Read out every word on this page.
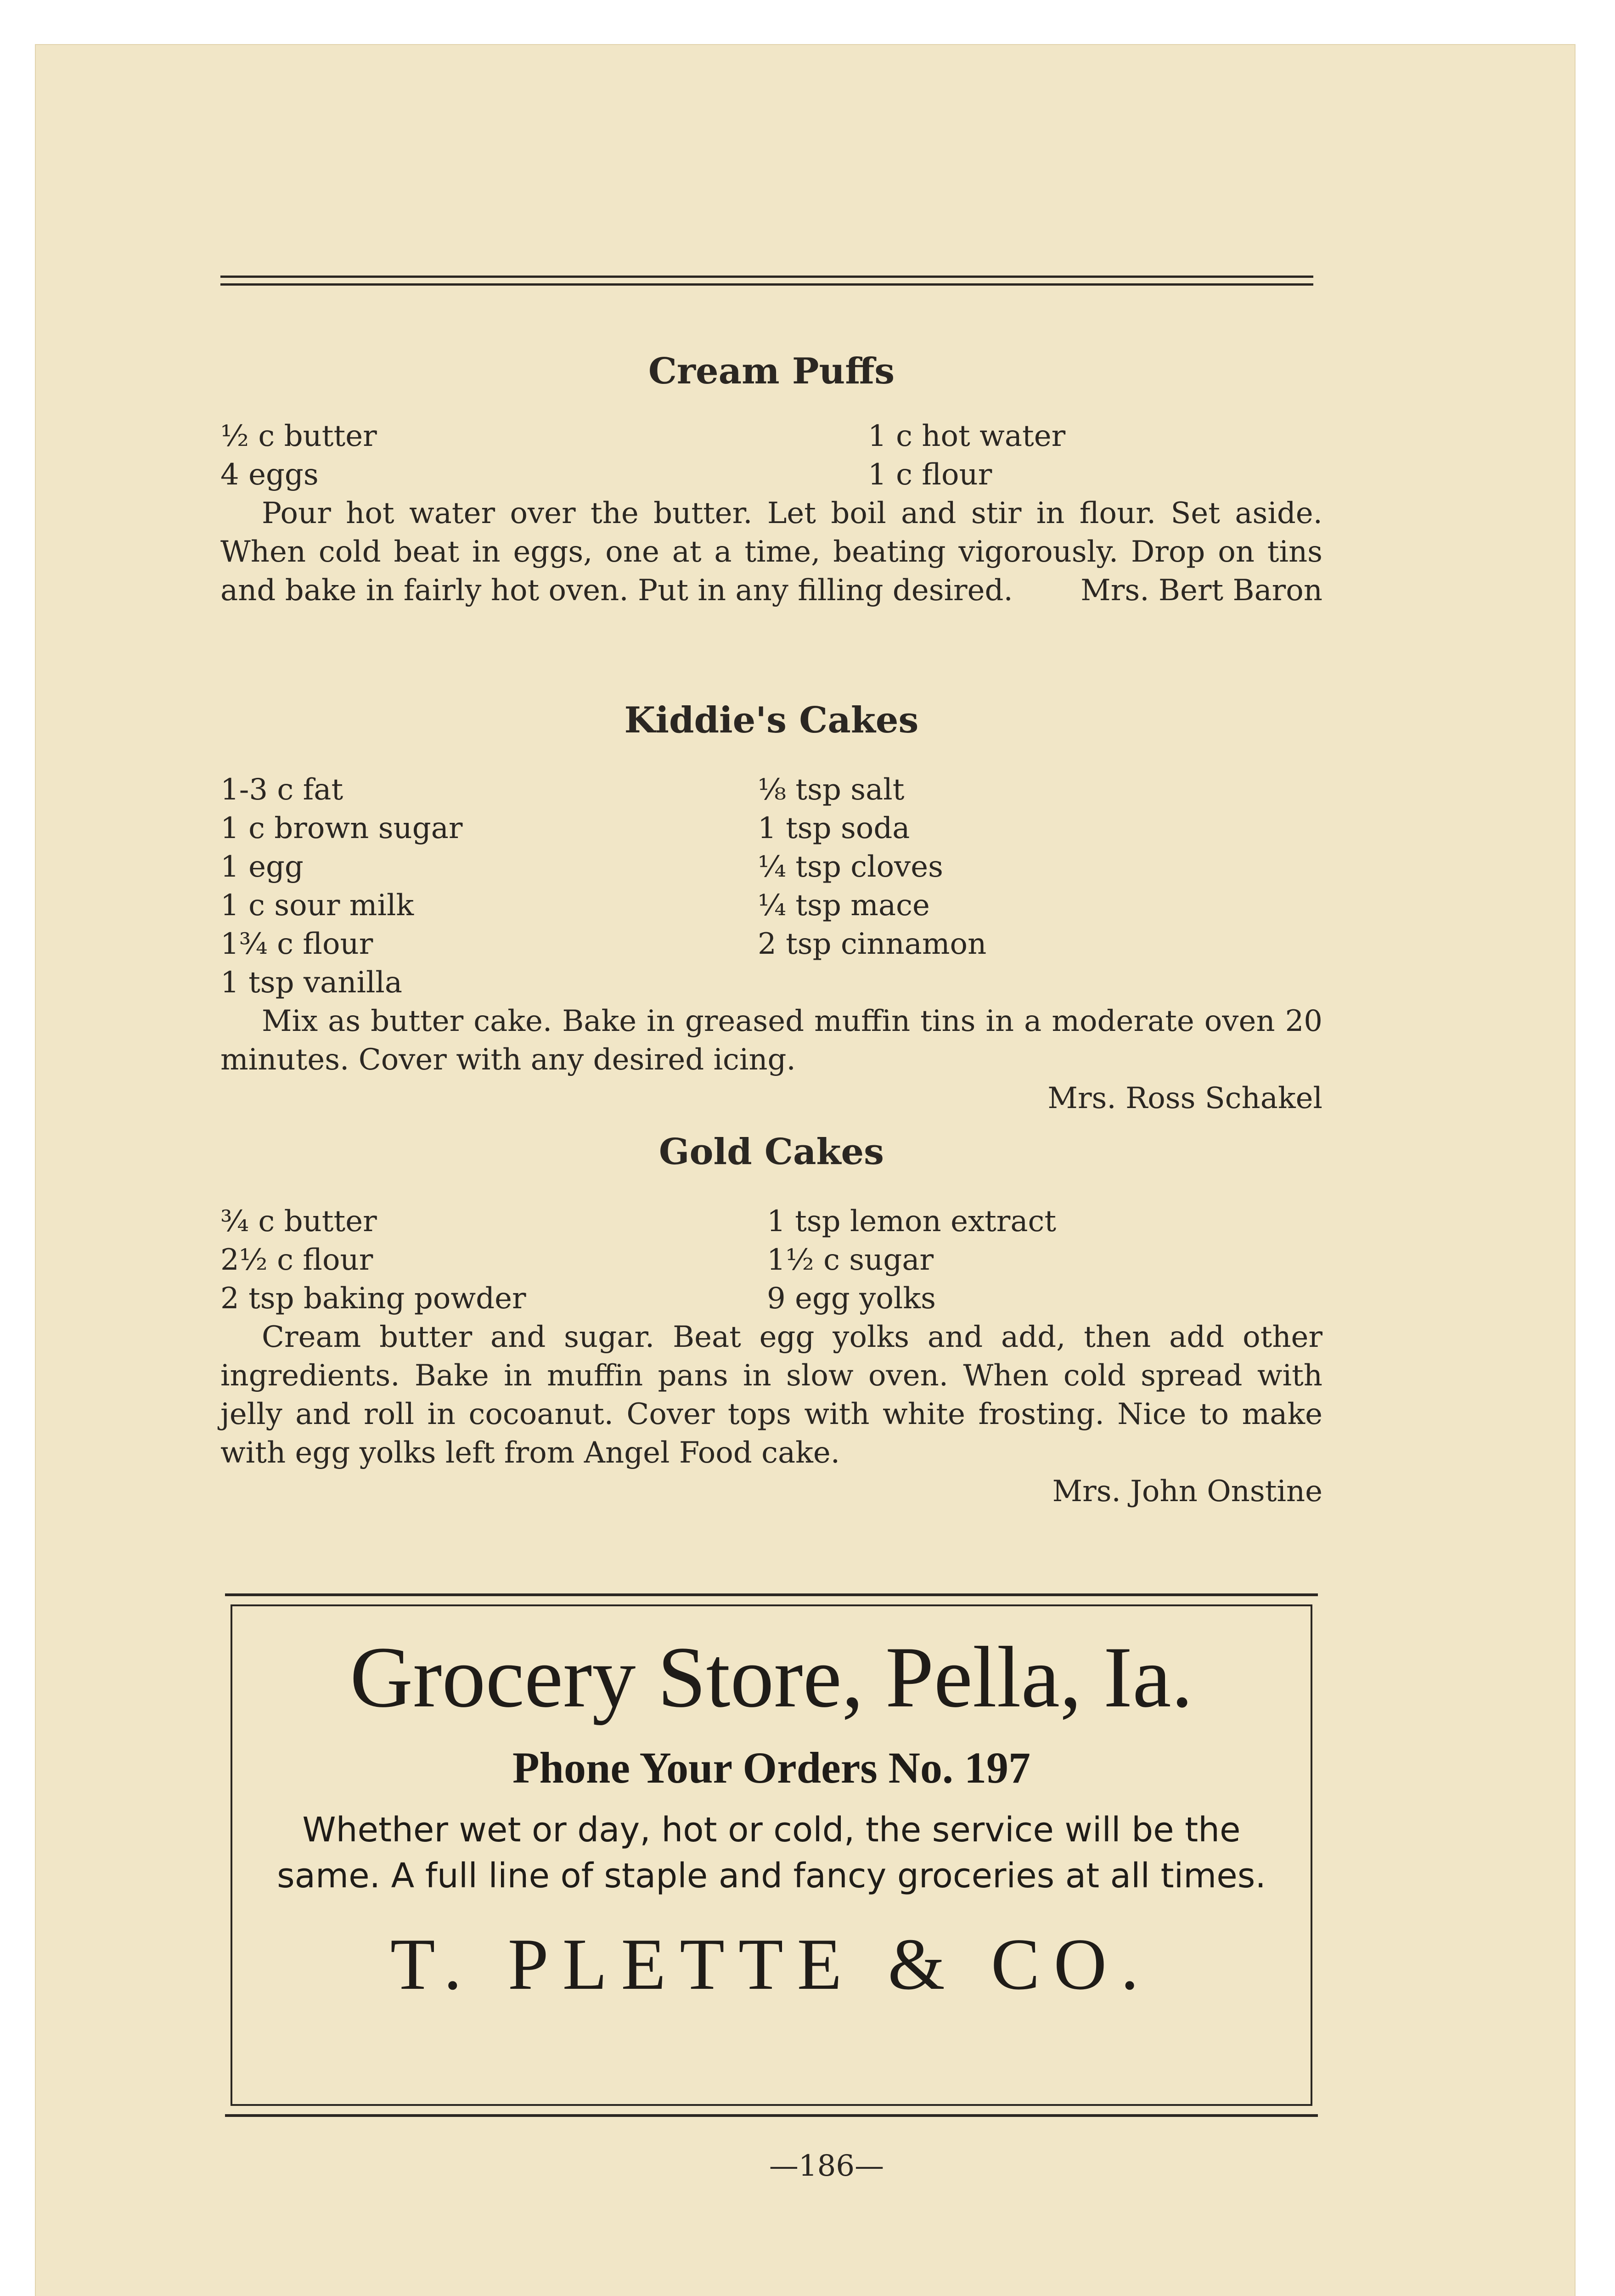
Cream Puffs
½ c butter
4 eggs
1 c hot water
1 c flour
Pour hot water over the butter. Let boil and stir in flour. Set aside. When cold beat in eggs, one at a time, beating vigorously. Drop on tins and bake in fairly hot oven. Put in any filling desired.	Mrs. Bert Baron
Kiddie's Cakes
1-3 c fat
1 c brown sugar
1 egg
1 c sour milk
1¾ c flour
1 tsp vanilla
⅛ tsp salt
1 tsp soda
¼ tsp cloves
¼ tsp mace
2 tsp cinnamon
Mix as butter cake. Bake in greased muffin tins in a moderate oven 20 minutes. Cover with any desired icing.
Mrs. Ross Schakel
Gold Cakes
¾ c butter
2½ c flour
2 tsp baking powder
1 tsp lemon extract
1½ c sugar
9 egg yolks
Cream butter and sugar. Beat egg yolks and add, then add other ingredients. Bake in muffin pans in slow oven. When cold spread with jelly and roll in cocoanut. Cover tops with white frosting. Nice to make with egg yolks left from Angel Food cake.
Mrs. John Onstine
Grocery Store, Pella, Ia.
Phone Your Orders No. 197
Whether wet or day, hot or cold, the service will be the same. A full line of staple and fancy groceries at all times.
T. PLETTE & CO.
—186—
